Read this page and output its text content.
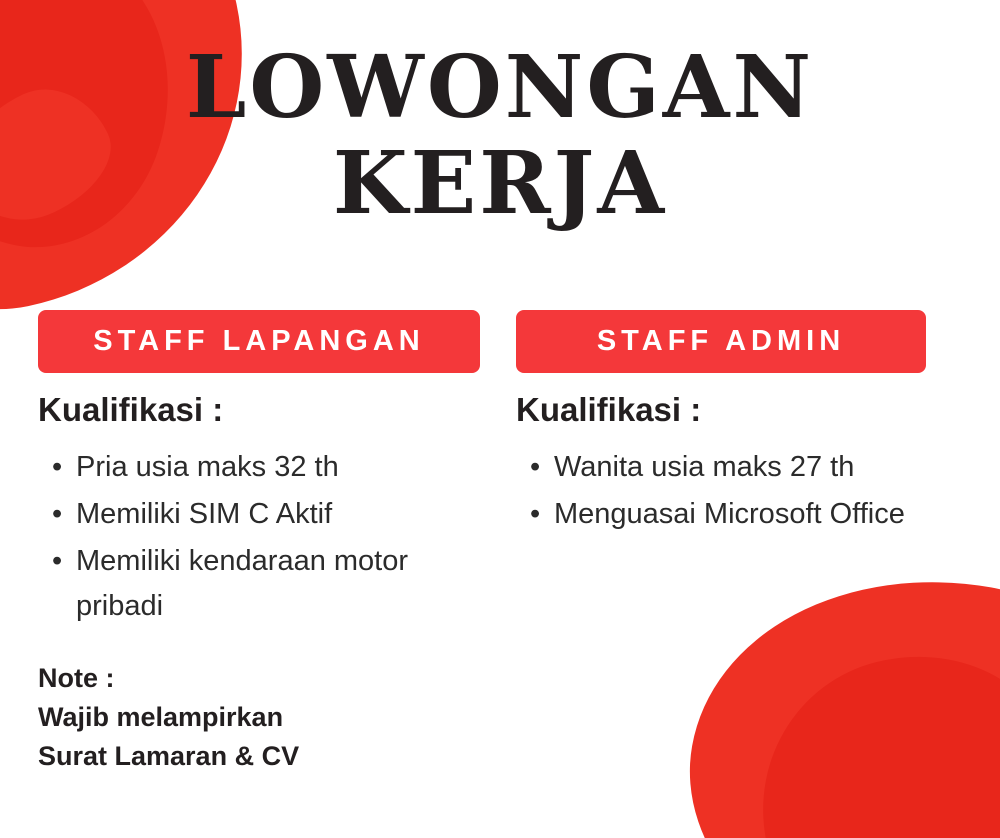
LOWONGAN
KERJA
STAFF LAPANGAN
Kualifikasi :
• Pria usia maks 32 th
• Memiliki SIM C Aktif
• Memiliki kendaraan motor pribadi
Note :
Wajib melampirkan
Surat Lamaran & CV
STAFF ADMIN
Kualifikasi :
• Wanita usia maks 27 th
• Menguasai Microsoft Office
